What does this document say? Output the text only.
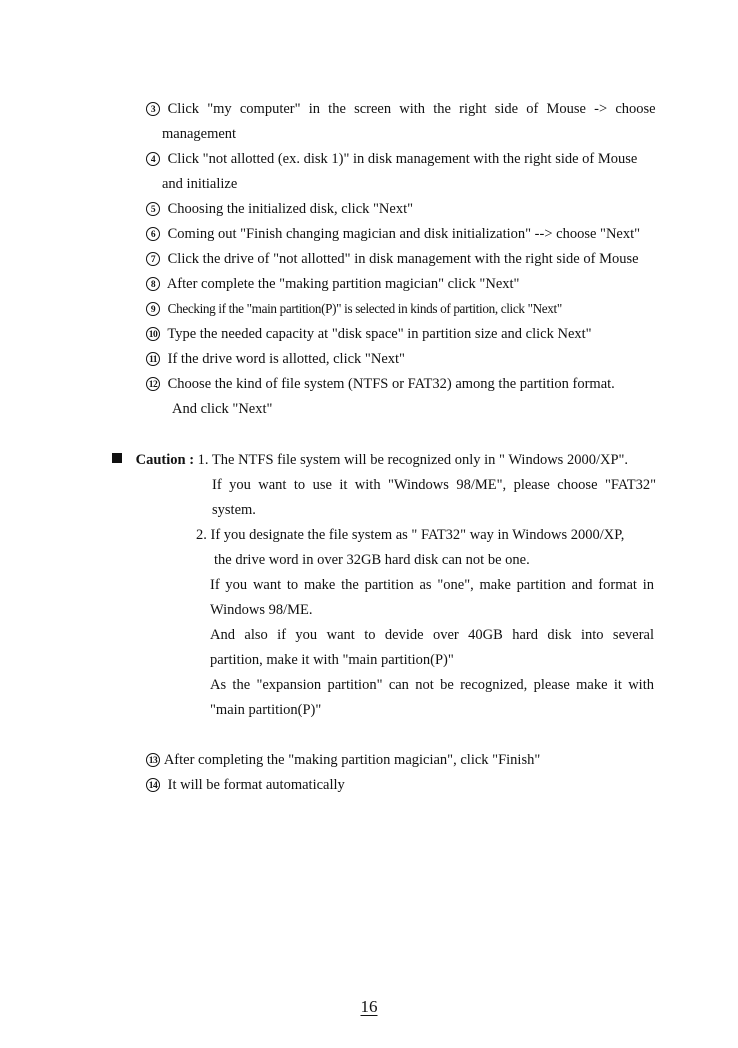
3 Click "my computer" in the screen with the right side of Mouse -> choose
management
4 Click "not allotted (ex. disk 1)" in disk management with the right side of Mouse
and initialize
5 Choosing the initialized disk, click "Next"
6 Coming out "Finish changing magician and disk initialization" --> choose "Next"
7 Click the drive of "not allotted" in disk management with the right side of Mouse
8 After complete the "making partition magician" click "Next"
9 Checking if the "main partition(P)" is selected in kinds of partition, click "Next"
10 Type the needed capacity at "disk space" in partition size and click Next"
11 If the drive word is allotted, click "Next"
12 Choose the kind of file system (NTFS or FAT32) among the partition format.
And click "Next"
Caution : 1. The NTFS file system will be recognized only in " Windows 2000/XP".
If you want to use it with "Windows 98/ME", please choose "FAT32"
system.
2. If you designate the file system as " FAT32" way in Windows 2000/XP,
the drive word in over 32GB hard disk can not be one.
If you want to make the partition as "one", make partition and format in
Windows 98/ME.
And also if you want to devide over 40GB hard disk into several
partition, make it with "main partition(P)"
As the "expansion partition" can not be recognized, please make it with
"main partition(P)"
13 After completing the "making partition magician", click "Finish"
14 It will be format automatically
16
